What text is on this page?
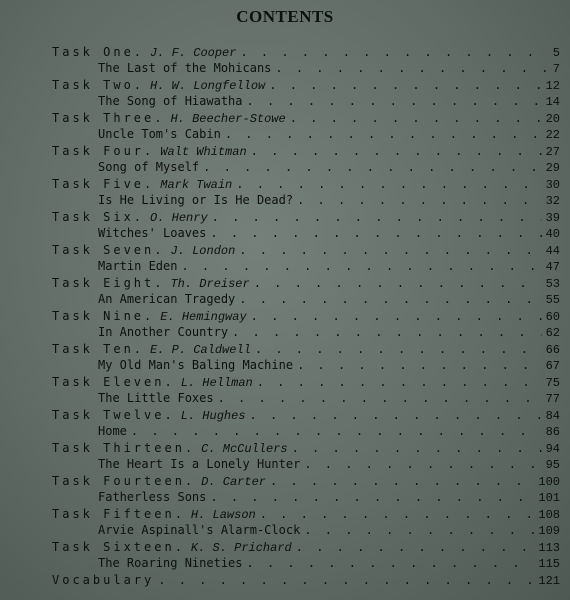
CONTENTS
Task One. J. F. Cooper . . .	5
The Last of the Mohicans . . .	7
Task Two. H. W. Longfellow . . .	12
The Song of Hiawatha . . .	14
Task Three. H. Beecher-Stowe . . .	20
Uncle Tom's Cabin . . .	22
Task Four. Walt Whitman . . .	27
Song of Myself . . .	29
Task Five. Mark Twain . . .	30
Is He Living or Is He Dead? . . .	32
Task Six. O. Henry . . .	39
Witches' Loaves . . .	40
Task Seven. J. London . . .	44
Martin Eden . . .	47
Task Eight. Th. Dreiser . . .	53
An American Tragedy . . .	55
Task Nine. E. Hemingway . . .	60
In Another Country . . .	62
Task Ten. E. P. Caldwell . . .	66
My Old Man's Baling Machine . . .	67
Task Eleven. L. Hellman . . .	75
The Little Foxes . . .	77
Task Twelve. L. Hughes . . .	84
Home . . .	86
Task Thirteen. C. McCullers . . .	94
The Heart Is a Lonely Hunter . . .	95
Task Fourteen. D. Carter . . .	100
Fatherless Sons . . .	101
Task Fifteen. H. Lawson . . .	108
Arvie Aspinall's Alarm-Clock . . .	109
Task Sixteen. K. S. Prichard . . .	113
The Roaring Nineties . . .	115
Vocabulary . . .	121
